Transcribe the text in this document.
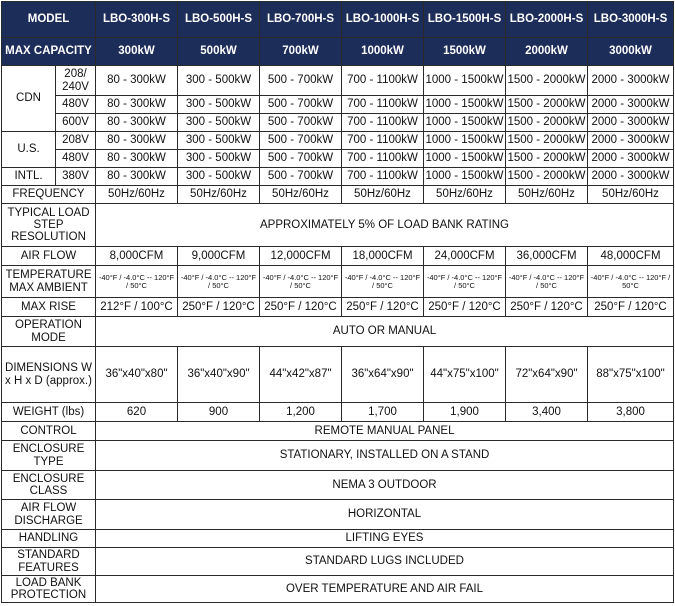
MODEL		LBO-300H-S	LBO-500H-S	LBO-700H-S	LBO-1000H-S	LBO-1500H-S	LBO-2000H-S	LBO-3000H-S
MAX CAPACITY		300kW	500kW	700kW	1000kW	1500kW	2000kW	3000kW
CDN	208/ 240V	80 - 300kW	300 - 500kW	500 - 700kW	700 - 1100kW	1000 - 1500kW	1500 - 2000kW	2000 - 3000kW
	480V	80 - 300kW	300 - 500kW	500 - 700kW	700 - 1100kW	1000 - 1500kW	1500 - 2000kW	2000 - 3000kW
	600V	80 - 300kW	300 - 500kW	500 - 700kW	700 - 1100kW	1000 - 1500kW	1500 - 2000kW	2000 - 3000kW
U.S.	208V	80 - 300kW	300 - 500kW	500 - 700kW	700 - 1100kW	1000 - 1500kW	1500 - 2000kW	2000 - 3000kW
	480V	80 - 300kW	300 - 500kW	500 - 700kW	700 - 1100kW	1000 - 1500kW	1500 - 2000kW	2000 - 3000kW
INTL.	380V	80 - 300kW	300 - 500kW	500 - 700kW	700 - 1100kW	1000 - 1500kW	1500 - 2000kW	2000 - 3000kW
FREQUENCY		50Hz/60Hz	50Hz/60Hz	50Hz/60Hz	50Hz/60Hz	50Hz/60Hz	50Hz/60Hz	50Hz/60Hz
TYPICAL LOAD STEP RESOLUTION		APPROXIMATELY 5% OF LOAD BANK RATING						
AIR FLOW		8,000CFM	9,000CFM	12,000CFM	18,000CFM	24,000CFM	36,000CFM	48,000CFM
TEMPERATURE MAX AMBIENT		-40°F / -4.0°C -- 120°F / 50°C	-40°F / -4.0°C -- 120°F / 50°C	-40°F / -4.0°C -- 120°F / 50°C	-40°F / -4.0°C -- 120°F / 50°C	-40°F / -4.0°C -- 120°F / 50°C	-40°F / -4.0°C -- 120°F / 50°C	-40°F / -4.0°C -- 120°F / 50°C
MAX RISE		212°F / 100°C	250°F / 120°C	250°F / 120°C	250°F / 120°C	250°F / 120°C	250°F / 120°C	250°F / 120°C
OPERATION MODE		AUTO OR MANUAL						
DIMENSIONS W x H x D (approx.)		36"x40"x80"	36"x40"x90"	44"x42"x87"	36"x64"x90"	44"x75"x100"	72"x64"x90"	88"x75"x100"
WEIGHT (lbs)		620	900	1,200	1,700	1,900	3,400	3,800
CONTROL		REMOTE MANUAL PANEL						
ENCLOSURE TYPE		STATIONARY, INSTALLED ON A STAND						
ENCLOSURE CLASS		NEMA 3 OUTDOOR						
AIR FLOW DISCHARGE		HORIZONTAL						
HANDLING		LIFTING EYES						
STANDARD FEATURES		STANDARD LUGS INCLUDED						
LOAD BANK PROTECTION		OVER TEMPERATURE AND AIR FAIL						
